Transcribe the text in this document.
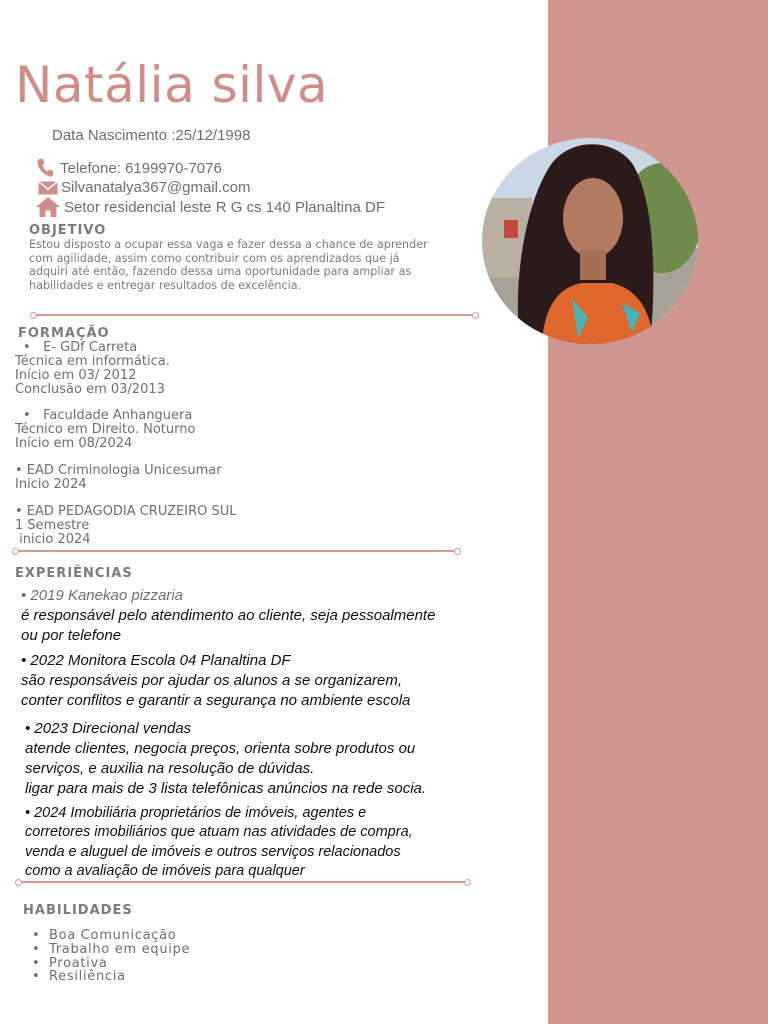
Natália silva
Data Nascimento :25/12/1998
Telefone: 6199970-7076
Silvanatalya367@gmail.com
Setor residencial leste R G cs 140 Planaltina DF
OBJETIVO

Estou disposto a ocupar essa vaga e fazer dessa a chance de aprender com agilidade, assim como contribuir com os aprendizados que já adquiri até então, fazendo dessa uma oportunidade para ampliar as habilidades e entregar resultados de excelência.

FORMAÇÃO
•   E- GDf Carreta
Técnica em informática.
Início em 03/ 2012
Conclusão em 03/2013
•   Faculdade Anhanguera
Técnico em Direito. Noturno
Início em 08/2024
• EAD Criminologia Unicesumar
Inicio 2024
• EAD PEDAGODIA CRUZEIRO SUL
1 Semestre
inicio 2024
EXPERIÊNCIAS
• 2019 Kanekao pizzaria
é responsável pelo atendimento ao cliente, seja pessoalmente
ou por telefone
• 2022 Monitora Escola 04 Planaltina DF
são responsáveis por ajudar os alunos a se organizarem,
conter conflitos e garantir a segurança no ambiente escola
• 2023 Direcional vendas
atende clientes, negocia preços, orienta sobre produtos ou
serviços, e auxilia na resolução de dúvidas.
ligar para mais de 3 lista telefônicas anúncios na rede socia.
• 2024 Imobiliária proprietários de imóveis, agentes e
corretores imobiliários que atuam nas atividades de compra,
venda e aluguel de imóveis e outros serviços relacionados
como a avaliação de imóveis para qualquer
HABILIDADES
• Boa Comunicação
• Trabalho em equipe
• Proativa
• Resiliência
